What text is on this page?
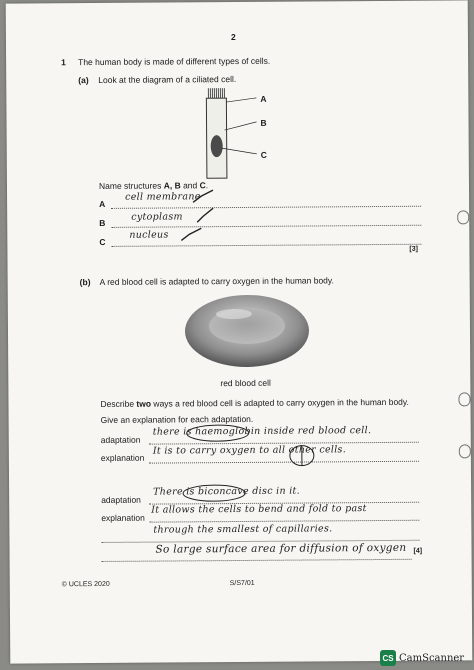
2
1 The human body is made of different types of cells.
(a) Look at the diagram of a ciliated cell.
A
B
C
Name structures A, B and C.
A
cell membrane
B
cytoplasm
C
nucleus
[3]
(b) A red blood cell is adapted to carry oxygen in the human body.
red blood cell
Describe two ways a red blood cell is adapted to carry oxygen in the human body.
Give an explanation for each adaptation.
adaptation
there is haemoglobin inside red blood cell.
explanation
It is to carry oxygen to all other cells.
adaptation
There is biconcave disc in it.
explanation
It allows the cells to bend and fold to past
through the smallest of capillaries.
So large surface area for diffusion of oxygen [4]
© UCLES 2020	S/S7/01
CS CamScanner
